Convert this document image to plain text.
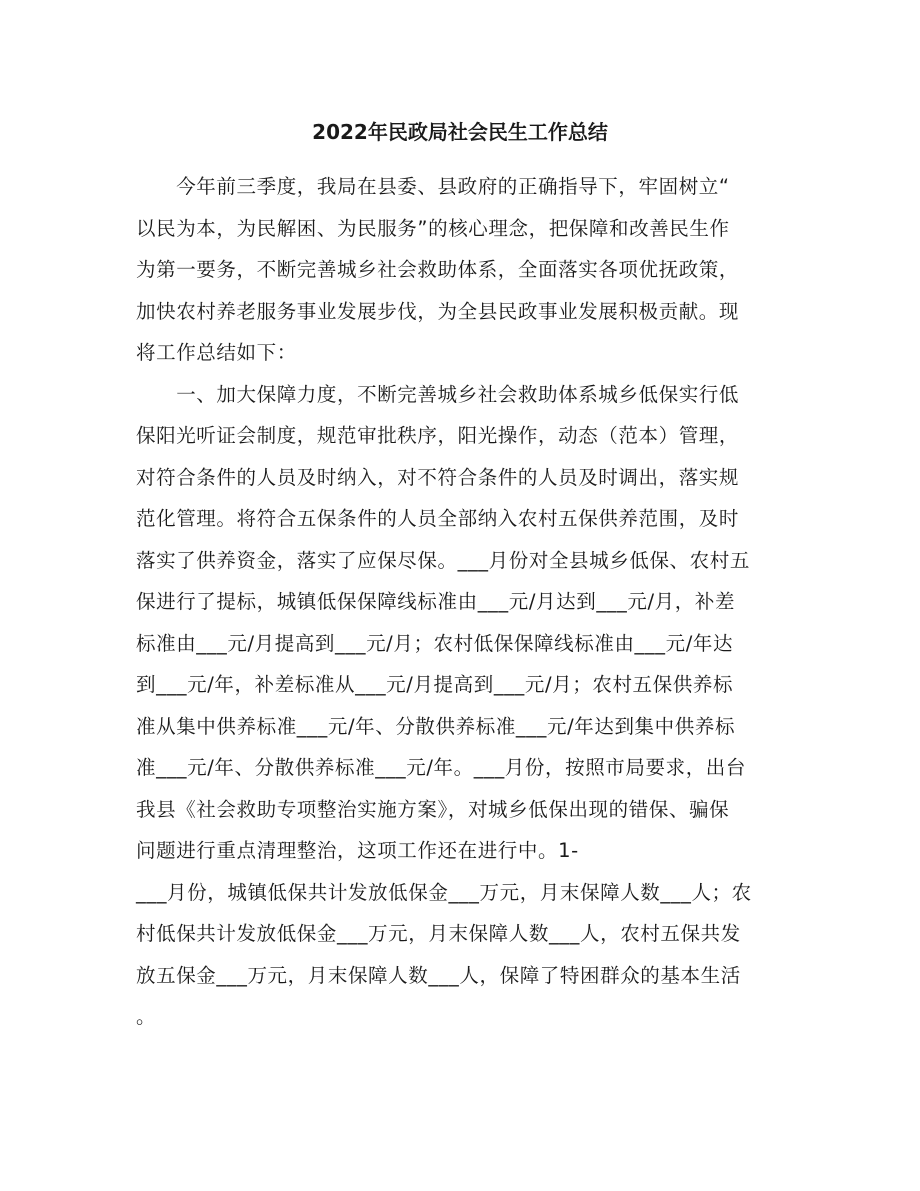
2022年民政局社会民生工作总结
　　今年前三季度，我局在县委、县政府的正确指导下，牢固树立“
以民为本，为民解困、为民服务”的核心理念，把保障和改善民生作
为第一要务，不断完善城乡社会救助体系，全面落实各项优抚政策，
加快农村养老服务事业发展步伐，为全县民政事业发展积极贡献。现
将工作总结如下：
　　一、加大保障力度，不断完善城乡社会救助体系城乡低保实行低
保阳光听证会制度，规范审批秩序，阳光操作，动态（范本）管理，
对符合条件的人员及时纳入，对不符合条件的人员及时调出，落实规
范化管理。将符合五保条件的人员全部纳入农村五保供养范围，及时
落实了供养资金，落实了应保尽保。___月份对全县城乡低保、农村五
保进行了提标，城镇低保保障线标准由___元/月达到___元/月，补差
标准由___元/月提高到___元/月；农村低保保障线标准由___元/年达
到___元/年，补差标准从___元/月提高到___元/月；农村五保供养标
准从集中供养标准___元/年、分散供养标准___元/年达到集中供养标
准___元/年、分散供养标准___元/年。___月份，按照市局要求，出台
我县《社会救助专项整治实施方案》，对城乡低保出现的错保、骗保
问题进行重点清理整治，这项工作还在进行中。1-
___月份，城镇低保共计发放低保金___万元，月末保障人数___人；农
村低保共计发放低保金___万元，月末保障人数___人，农村五保共发
放五保金___万元，月末保障人数___人，保障了特困群众的基本生活
。
